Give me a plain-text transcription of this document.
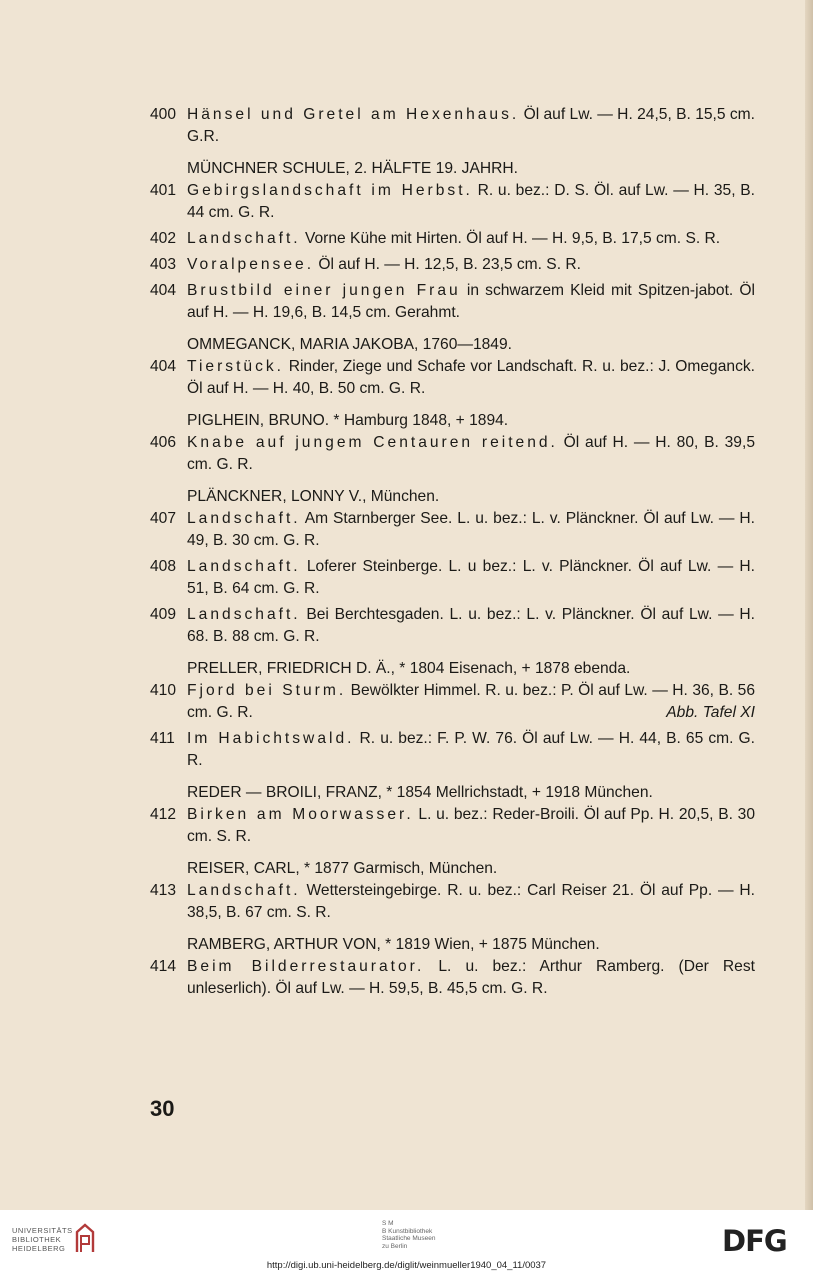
400 Hänsel und Gretel am Hexenhaus. Öl auf Lw. — H. 24,5, B. 15,5 cm. G.R.
MÜNCHNER SCHULE, 2. HÄLFTE 19. JAHRH.
401 Gebirgslandschaft im Herbst. R. u. bez.: D. S. Öl. auf Lw. — H. 35, B. 44 cm. G. R.
402 Landschaft. Vorne Kühe mit Hirten. Öl auf H. — H. 9,5, B. 17,5 cm. S. R.
403 Voralpensee. Öl auf H. — H. 12,5, B. 23,5 cm. S. R.
404 Brustbild einer jungen Frau in schwarzem Kleid mit Spitzen-jabot. Öl auf H. — H. 19,6, B. 14,5 cm. Gerahmt.
OMMEGANCK, MARIA JAKOBA, 1760—1849.
404 Tierstück. Rinder, Ziege und Schafe vor Landschaft. R. u. bez.: J. Omeganck. Öl auf H. — H. 40, B. 50 cm. G. R.
PIGLHEIN, BRUNO. * Hamburg 1848, + 1894.
406 Knabe auf jungem Centauren reitend. Öl auf H. — H. 80, B. 39,5 cm. G. R.
PLÄNCKNER, LONNY V., München.
407 Landschaft. Am Starnberger See. L. u. bez.: L. v. Plänckner. Öl auf Lw. — H. 49, B. 30 cm. G. R.
408 Landschaft. Loferer Steinberge. L. u bez.: L. v. Plänckner. Öl auf Lw. — H. 51, B. 64 cm. G. R.
409 Landschaft. Bei Berchtesgaden. L. u. bez.: L. v. Plänckner. Öl auf Lw. — H. 68. B. 88 cm. G. R.
PRELLER, FRIEDRICH D. Ä., * 1804 Eisenach, + 1878 ebenda.
410 Fjord bei Sturm. Bewölkter Himmel. R. u. bez.: P. Öl auf Lw. — H. 36, B. 56 cm. G. R.	Abb. Tafel XI
411 Im Habichtswald. R. u. bez.: F. P. W. 76. Öl auf Lw. — H. 44, B. 65 cm. G. R.
REDER — BROILI, FRANZ, * 1854 Mellrichstadt, + 1918 München.
412 Birken am Moorwasser. L. u. bez.: Reder-Broili. Öl auf Pp. H. 20,5, B. 30 cm. S. R.
REISER, CARL, * 1877 Garmisch, München.
413 Landschaft. Wettersteingebirge. R. u. bez.: Carl Reiser 21. Öl auf Pp. — H. 38,5, B. 67 cm. S. R.
RAMBERG, ARTHUR VON, * 1819 Wien, + 1875 München.
414 Beim Bilderrestaurator. L. u. bez.: Arthur Ramberg. (Der Rest unleserlich). Öl auf Lw. — H. 59,5, B. 45,5 cm. G. R.
30
UNIVERSITÄTS
BIBLIOTHEK
HEIDELBERG
S M
B Kunstbibliothek
Staatliche Museen
zu Berlin	DFG
http://digi.ub.uni-heidelberg.de/diglit/weinmueller1940_04_11/0037
